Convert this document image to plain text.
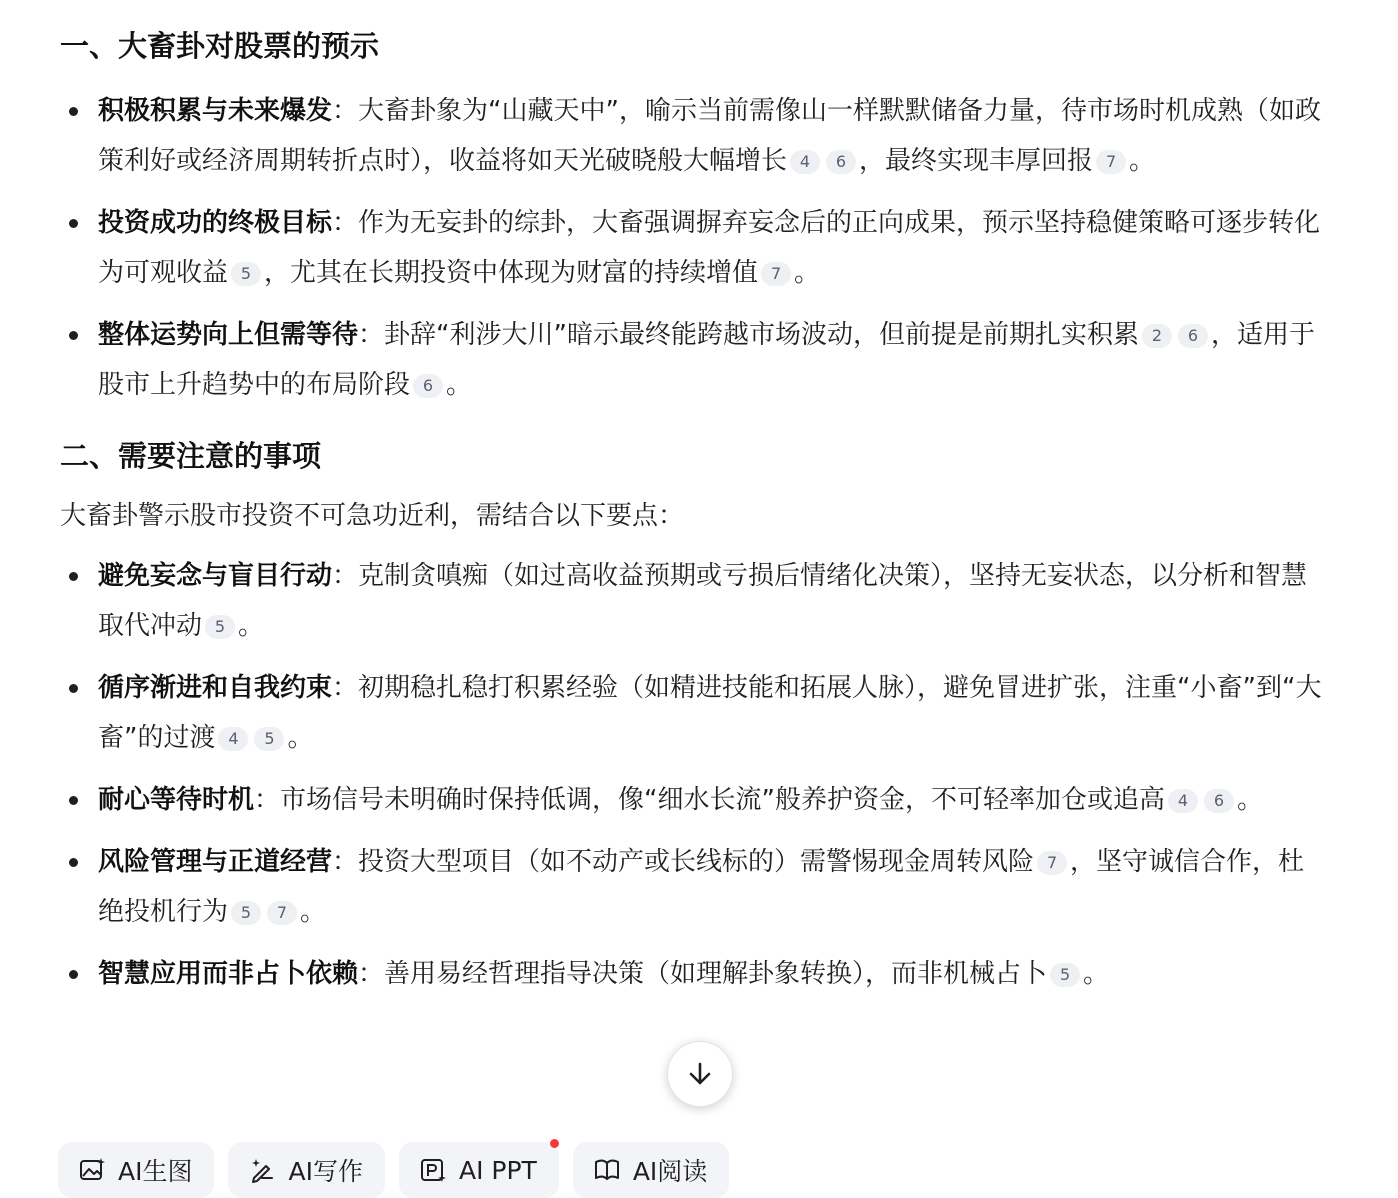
一、大畜卦对股票的预示
积极积累与未来爆发：大畜卦象为“山藏天中”，喻示当前需像山一样默默储备力量，待市场时机成熟（如政策利好或经济周期转折点时），收益将如天光破晓般大幅增长 4 6 ，最终实现丰厚回报 7 。
投资成功的终极目标：作为无妄卦的综卦，大畜强调摒弃妄念后的正向成果，预示坚持稳健策略可逐步转化为可观收益 5 ，尤其在长期投资中体现为财富的持续增值 7 。
整体运势向上但需等待：卦辞“利涉大川”暗示最终能跨越市场波动，但前提是前期扎实积累 2 6 ，适用于股市上升趋势中的布局阶段 6 。
二、需要注意的事项

大畜卦警示股市投资不可急功近利，需结合以下要点：

避免妄念与盲目行动：克制贪嗔痴（如过高收益预期或亏损后情绪化决策），坚持无妄状态，以分析和智慧取代冲动 5 。
循序渐进和自我约束：初期稳扎稳打积累经验（如精进技能和拓展人脉），避免冒进扩张，注重“小畜”到“大畜”的过渡 4 5 。
耐心等待时机：市场信号未明确时保持低调，像“细水长流”般养护资金，不可轻率加仓或追高 4 6 。
风险管理与正道经营：投资大型项目（如不动产或长线标的）需警惕现金周转风险 7 ，坚守诚信合作，杜绝投机行为 5 7 。
智慧应用而非占卜依赖：善用易经哲理指导决策（如理解卦象转换），而非机械占卜 5 。
AI生图	AI写作	AI PPT	AI阅读
